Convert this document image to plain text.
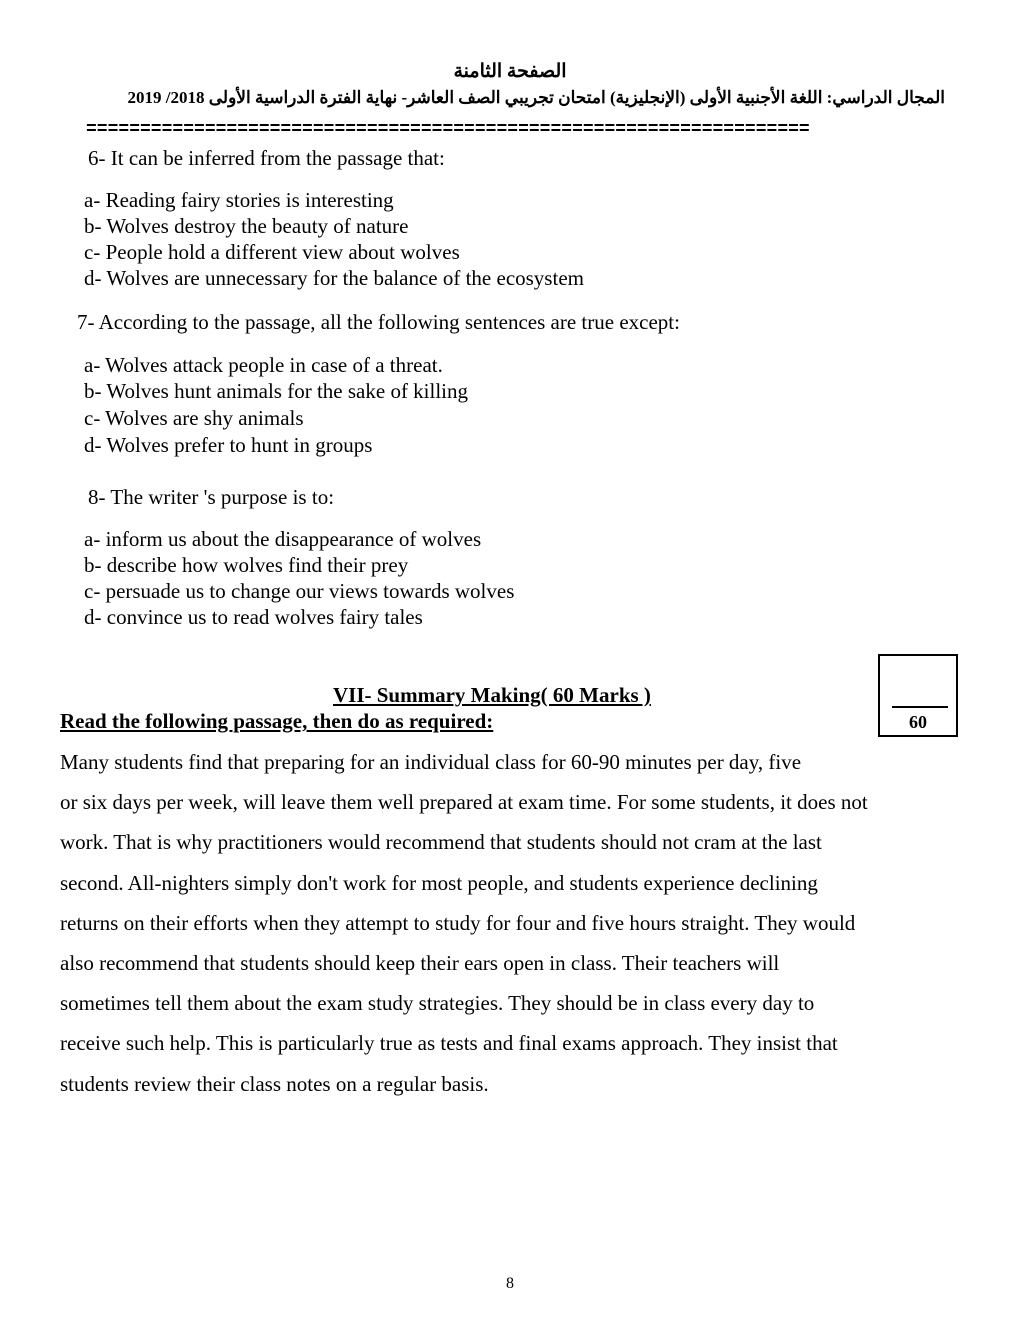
الصفحة الثامنة
المجال الدراسي: اللغة الأجنبية الأولى (الإنجليزية) امتحان تجريبي الصف العاشر- نهاية الفترة الدراسية الأولى 2018/ 2019
===================================================================
6- It can be inferred from the passage that:
a- Reading fairy stories is interesting
b- Wolves destroy the beauty of nature
c- People hold a different view about wolves
d- Wolves are unnecessary for the balance of the ecosystem
7- According to the passage, all the following sentences are true except:
a- Wolves attack people in case of a threat.
b- Wolves hunt animals for the sake of killing
c- Wolves are shy animals
d- Wolves prefer to hunt in groups
8- The writer 's purpose is to:
a- inform us about the disappearance of wolves
b- describe how wolves find their prey
c- persuade us to change our views towards wolves
d- convince us to read wolves fairy tales
VII- Summary Making( 60 Marks )
Read the following passage, then do as required:	60
Many students find that preparing for an individual class for 60-90 minutes per day, five
or six days per week, will leave them well prepared at exam time. For some students, it does not
work. That is why practitioners would recommend that students should not cram at the last
second. All-nighters simply don't work for most people, and students experience declining
returns on their efforts when they attempt to study for four and five hours straight. They would
also recommend that students should keep their ears open in class. Their teachers will
sometimes tell them about the exam study strategies. They should be in class every day to
receive such help. This is particularly true as tests and final exams approach. They insist that
students review their class notes on a regular basis.
8
